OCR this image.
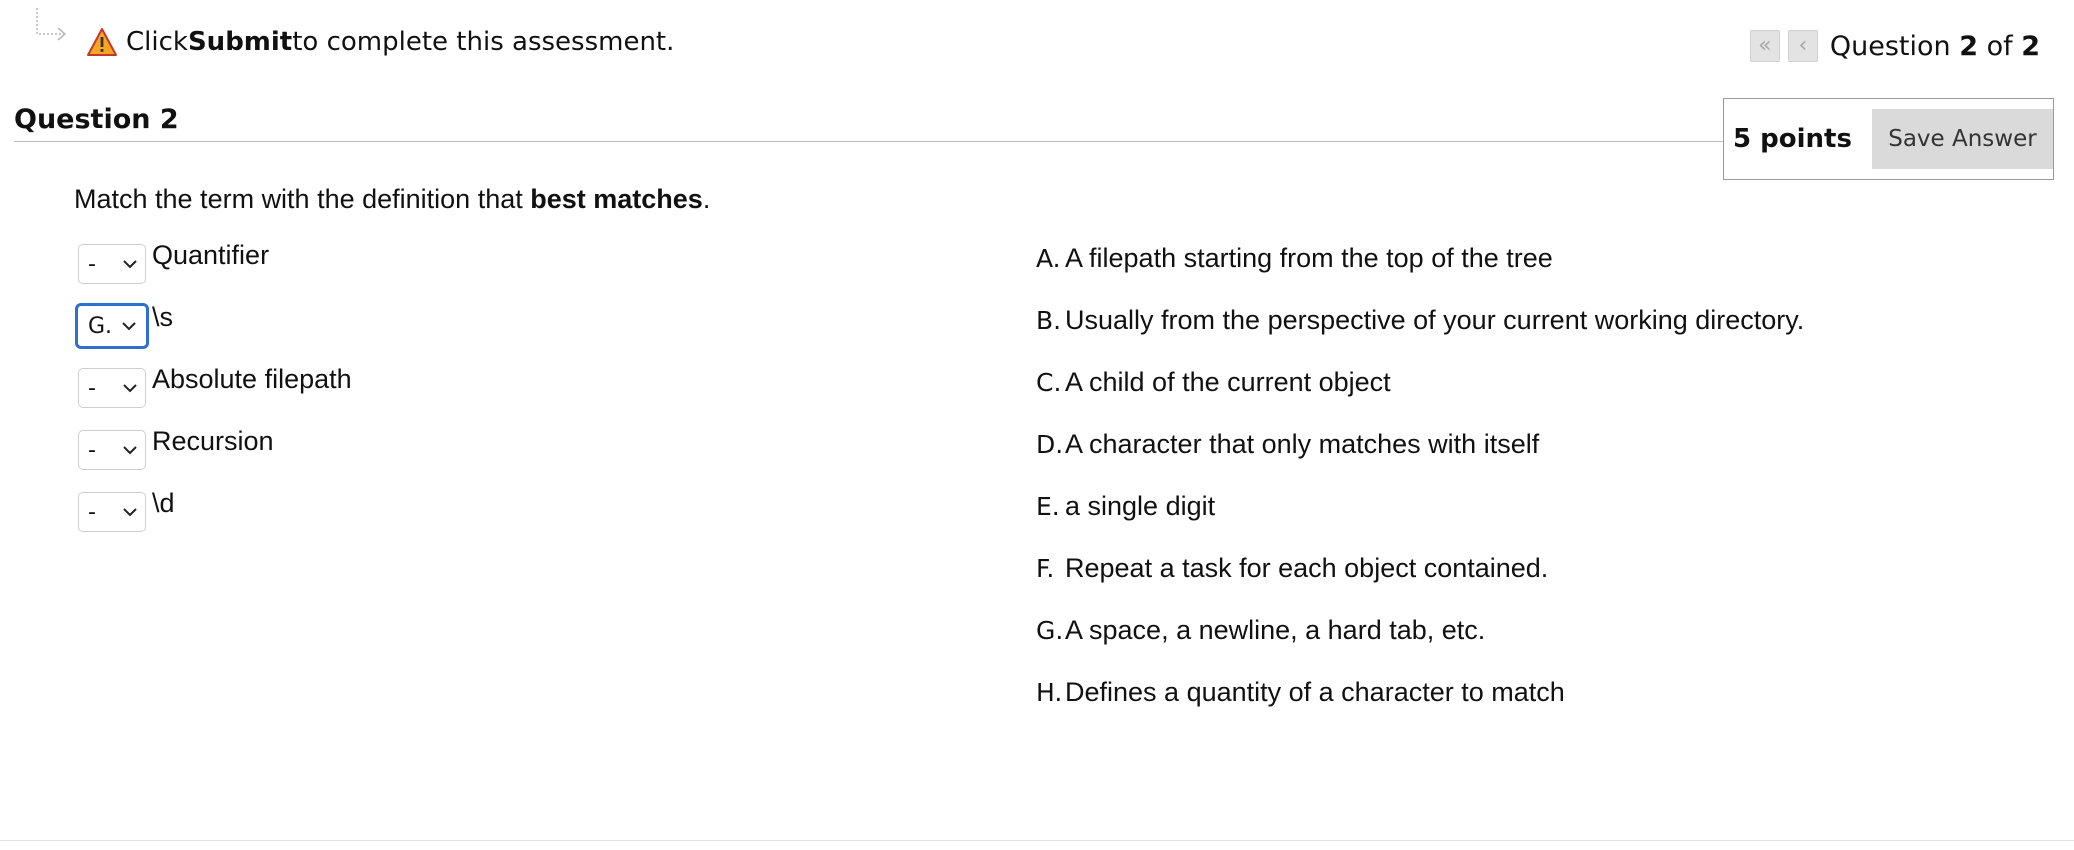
Click Submit to complete this assessment.	«	‹ Question 2 of 2
Question 2
5 points	Save Answer
Match the term with the definition that best matches.
-	Quantifier
G. \s
-	Absolute filepath
-	Recursion
-	\d
A. A filepath starting from the top of the tree
B. Usually from the perspective of your current working directory.
C. A child of the current object
D. A character that only matches with itself
E. a single digit
F. Repeat a task for each object contained.
G. A space, a newline, a hard tab, etc.
H. Defines a quantity of a character to match
